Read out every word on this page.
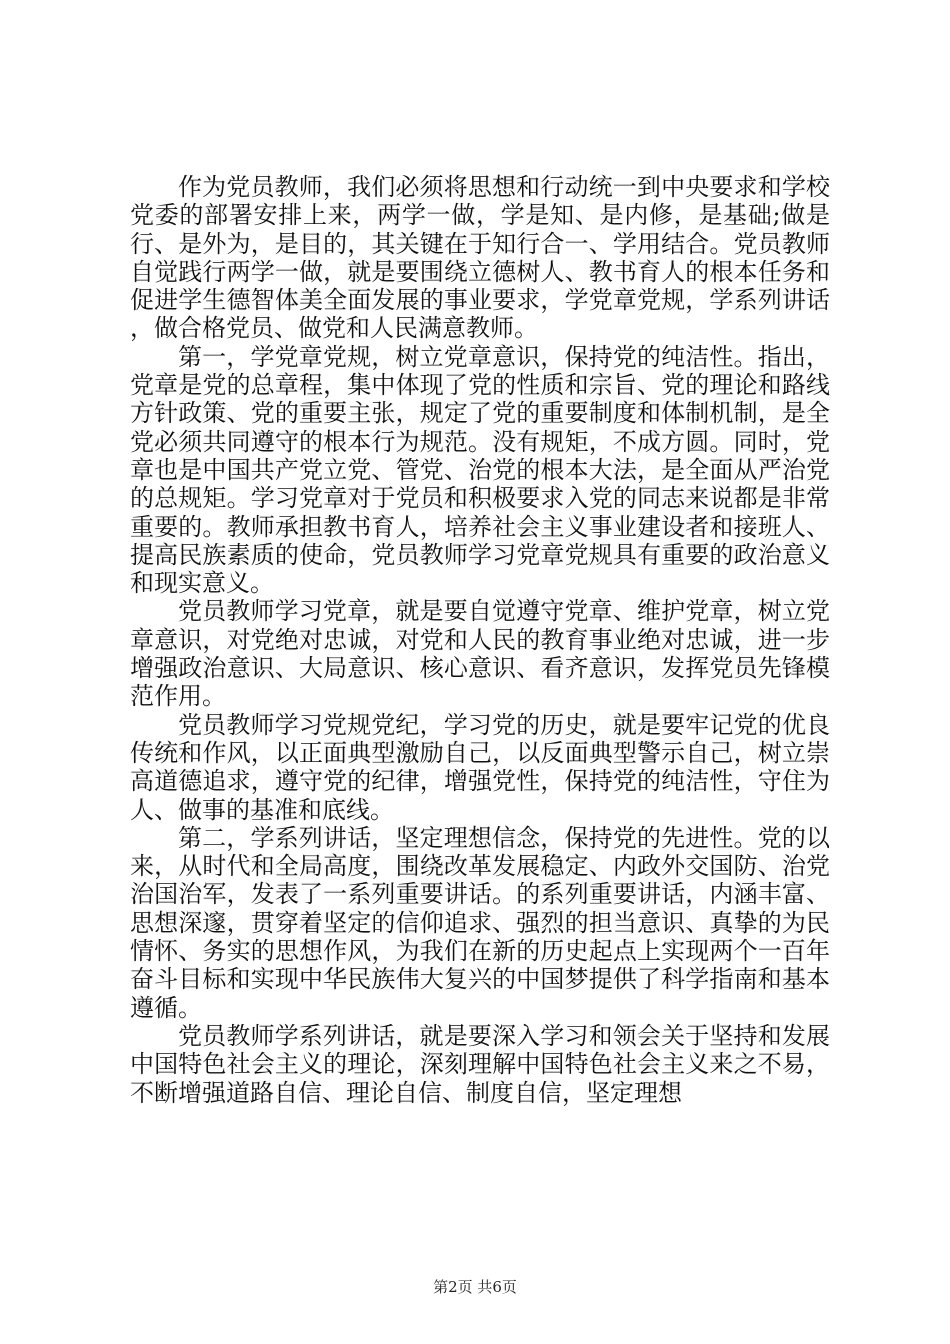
作为党员教师，我们必须将思想和行动统一到中央要求和学校党委的部署安排上来，两学一做，学是知、是内修，是基础;做是行、是外为，是目的，其关键在于知行合一、学用结合。党员教师自觉践行两学一做，就是要围绕立德树人、教书育人的根本任务和促进学生德智体美全面发展的事业要求，学党章党规，学系列讲话，做合格党员、做党和人民满意教师。

第一，学党章党规，树立党章意识，保持党的纯洁性。指出，党章是党的总章程，集中体现了党的性质和宗旨、党的理论和路线方针政策、党的重要主张，规定了党的重要制度和体制机制，是全党必须共同遵守的根本行为规范。没有规矩，不成方圆。同时，党章也是中国共产党立党、管党、治党的根本大法，是全面从严治党的总规矩。学习党章对于党员和积极要求入党的同志来说都是非常重要的。教师承担教书育人，培养社会主义事业建设者和接班人、提高民族素质的使命，党员教师学习党章党规具有重要的政治意义和现实意义。

党员教师学习党章，就是要自觉遵守党章、维护党章，树立党章意识，对党绝对忠诚，对党和人民的教育事业绝对忠诚，进一步增强政治意识、大局意识、核心意识、看齐意识，发挥党员先锋模范作用。

党员教师学习党规党纪，学习党的历史，就是要牢记党的优良传统和作风，以正面典型激励自己，以反面典型警示自己，树立崇高道德追求，遵守党的纪律，增强党性，保持党的纯洁性，守住为人、做事的基准和底线。

第二，学系列讲话，坚定理想信念，保持党的先进性。党的以来，从时代和全局高度，围绕改革发展稳定、内政外交国防、治党治国治军，发表了一系列重要讲话。的系列重要讲话，内涵丰富、思想深邃，贯穿着坚定的信仰追求、强烈的担当意识、真挚的为民情怀、务实的思想作风，为我们在新的历史起点上实现两个一百年奋斗目标和实现中华民族伟大复兴的中国梦提供了科学指南和基本遵循。

党员教师学系列讲话，就是要深入学习和领会关于坚持和发展中国特色社会主义的理论，深刻理解中国特色社会主义来之不易，不断增强道路自信、理论自信、制度自信，坚定理想

第2页 共6页
